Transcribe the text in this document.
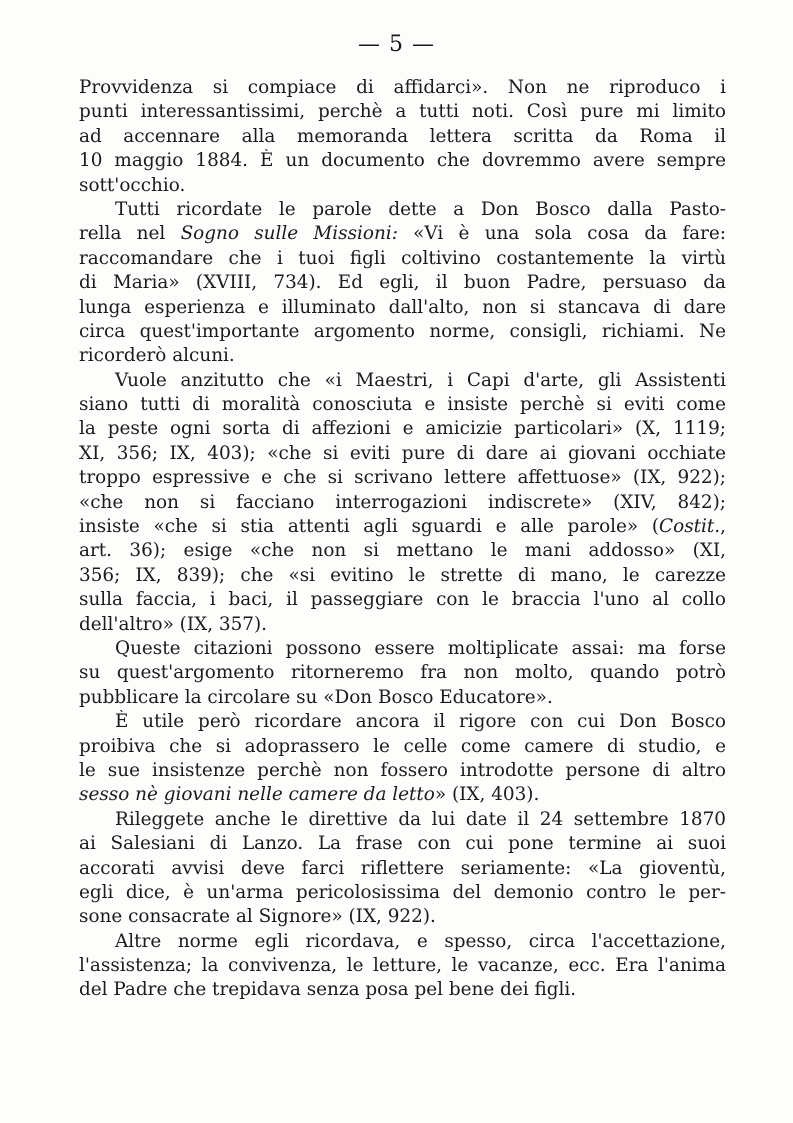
— 5 —
Provvidenza si compiace di affidarci». Non ne riproduco i
punti interessantissimi, perchè a tutti noti. Così pure mi limito
ad accennare alla memoranda lettera scritta da Roma il
10 maggio 1884. È un documento che dovremmo avere sempre
sott'occhio.
Tutti ricordate le parole dette a Don Bosco dalla Pasto-
rella nel Sogno sulle Missioni: «Vi è una sola cosa da fare:
raccomandare che i tuoi figli coltivino costantemente la virtù
di Maria» (XVIII, 734). Ed egli, il buon Padre, persuaso da
lunga esperienza e illuminato dall'alto, non si stancava di dare
circa quest'importante argomento norme, consigli, richiami. Ne
ricorderò alcuni.
Vuole anzitutto che «i Maestri, i Capi d'arte, gli Assistenti
siano tutti di moralità conosciuta e insiste perchè si eviti come
la peste ogni sorta di affezioni e amicizie particolari» (X, 1119;
XI, 356; IX, 403); «che si eviti pure di dare ai giovani occhiate
troppo espressive e che si scrivano lettere affettuose» (IX, 922);
«che non si facciano interrogazioni indiscrete» (XIV, 842);
insiste «che si stia attenti agli sguardi e alle parole» (Costit.,
art. 36); esige «che non si mettano le mani addosso» (XI,
356; IX, 839); che «si evitino le strette di mano, le carezze
sulla faccia, i baci, il passeggiare con le braccia l'uno al collo
dell'altro» (IX, 357).
Queste citazioni possono essere moltiplicate assai: ma forse
su quest'argomento ritorneremo fra non molto, quando potrò
pubblicare la circolare su «Don Bosco Educatore».
È utile però ricordare ancora il rigore con cui Don Bosco
proibiva che si adoprassero le celle come camere di studio, e
le sue insistenze perchè non fossero introdotte persone di altro
sesso nè giovani nelle camere da letto» (IX, 403).
Rileggete anche le direttive da lui date il 24 settembre 1870
ai Salesiani di Lanzo. La frase con cui pone termine ai suoi
accorati avvisi deve farci riflettere seriamente: «La gioventù,
egli dice, è un'arma pericolosissima del demonio contro le per-
sone consacrate al Signore» (IX, 922).
Altre norme egli ricordava, e spesso, circa l'accettazione,
l'assistenza; la convivenza, le letture, le vacanze, ecc. Era l'anima
del Padre che trepidava senza posa pel bene dei figli.
